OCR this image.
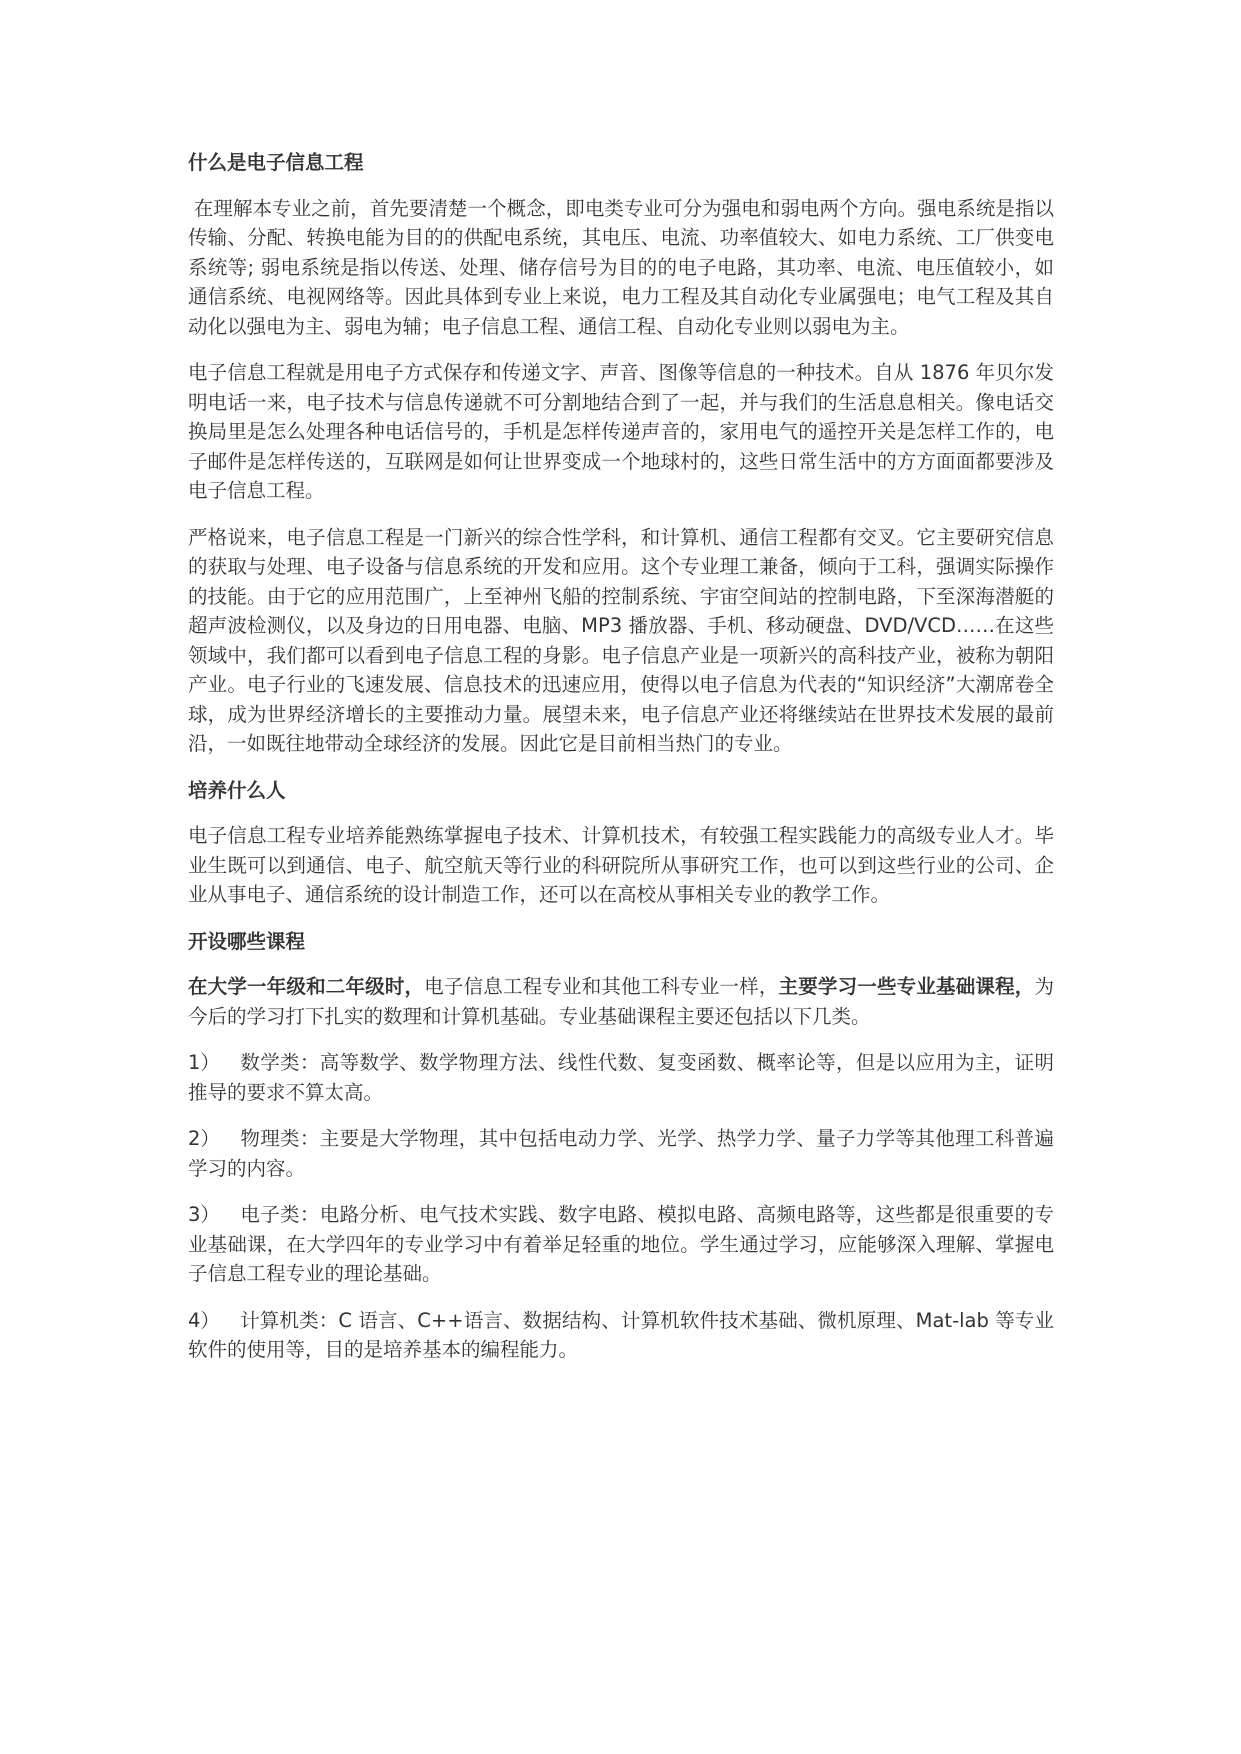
什么是电子信息工程
在理解本专业之前，首先要清楚一个概念，即电类专业可分为强电和弱电两个方向。强电系统是指以传输、分配、转换电能为目的的供配电系统，其电压、电流、功率值较大、如电力系统、工厂供变电系统等; 弱电系统是指以传送、处理、储存信号为目的的电子电路，其功率、电流、电压值较小，如通信系统、电视网络等。因此具体到专业上来说，电力工程及其自动化专业属强电；电气工程及其自动化以强电为主、弱电为辅；电子信息工程、通信工程、自动化专业则以弱电为主。
电子信息工程就是用电子方式保存和传递文字、声音、图像等信息的一种技术。自从 1876 年贝尔发明电话一来，电子技术与信息传递就不可分割地结合到了一起，并与我们的生活息息相关。像电话交换局里是怎么处理各种电话信号的，手机是怎样传递声音的，家用电气的遥控开关是怎样工作的，电子邮件是怎样传送的，互联网是如何让世界变成一个地球村的，这些日常生活中的方方面面都要涉及电子信息工程。
严格说来，电子信息工程是一门新兴的综合性学科，和计算机、通信工程都有交叉。它主要研究信息的获取与处理、电子设备与信息系统的开发和应用。这个专业理工兼备，倾向于工科，强调实际操作的技能。由于它的应用范围广，上至神州飞船的控制系统、宇宙空间站的控制电路，下至深海潜艇的超声波检测仪，以及身边的日用电器、电脑、MP3 播放器、手机、移动硬盘、DVD/VCD……在这些领域中，我们都可以看到电子信息工程的身影。电子信息产业是一项新兴的高科技产业，被称为朝阳产业。电子行业的飞速发展、信息技术的迅速应用，使得以电子信息为代表的“知识经济”大潮席卷全球，成为世界经济增长的主要推动力量。展望未来，电子信息产业还将继续站在世界技术发展的最前沿，一如既往地带动全球经济的发展。因此它是目前相当热门的专业。
培养什么人
电子信息工程专业培养能熟练掌握电子技术、计算机技术，有较强工程实践能力的高级专业人才。毕业生既可以到通信、电子、航空航天等行业的科研院所从事研究工作，也可以到这些行业的公司、企业从事电子、通信系统的设计制造工作，还可以在高校从事相关专业的教学工作。
开设哪些课程
在大学一年级和二年级时，电子信息工程专业和其他工科专业一样，主要学习一些专业基础课程，为今后的学习打下扎实的数理和计算机基础。专业基础课程主要还包括以下几类。
1） 数学类：高等数学、数学物理方法、线性代数、复变函数、概率论等，但是以应用为主，证明推导的要求不算太高。
2） 物理类：主要是大学物理，其中包括电动力学、光学、热学力学、量子力学等其他理工科普遍学习的内容。
3） 电子类：电路分析、电气技术实践、数字电路、模拟电路、高频电路等，这些都是很重要的专业基础课，在大学四年的专业学习中有着举足轻重的地位。学生通过学习，应能够深入理解、掌握电子信息工程专业的理论基础。
4） 计算机类：C 语言、C++语言、数据结构、计算机软件技术基础、微机原理、Mat-lab 等专业软件的使用等，目的是培养基本的编程能力。
